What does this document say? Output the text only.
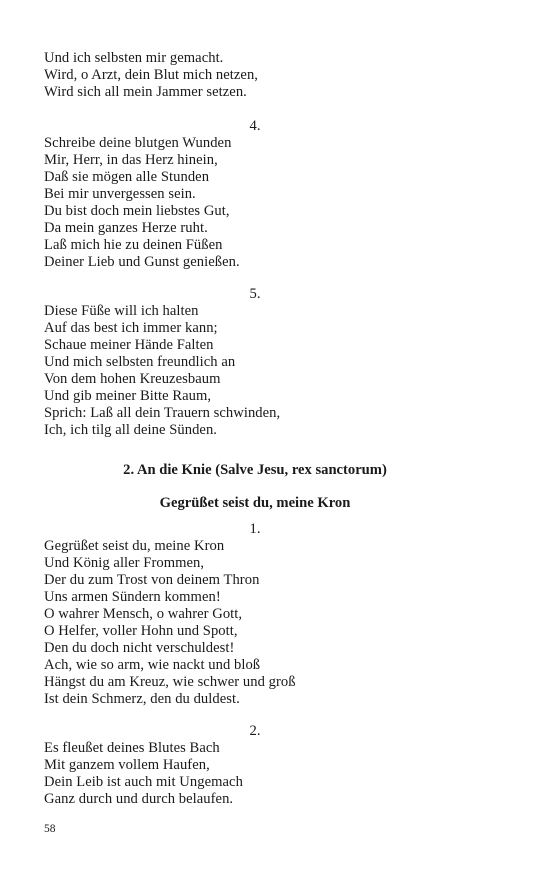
Und ich selbsten mir gemacht.
Wird, o Arzt, dein Blut mich netzen,
Wird sich all mein Jammer setzen.
4.
Schreibe deine blutgen Wunden
Mir, Herr, in das Herz hinein,
Daß sie mögen alle Stunden
Bei mir unvergessen sein.
Du bist doch mein liebstes Gut,
Da mein ganzes Herze ruht.
Laß mich hie zu deinen Füßen
Deiner Lieb und Gunst genießen.
5.
Diese Füße will ich halten
Auf das best ich immer kann;
Schaue meiner Hände Falten
Und mich selbsten freundlich an
Von dem hohen Kreuzesbaum
Und gib meiner Bitte Raum,
Sprich: Laß all dein Trauern schwinden,
Ich, ich tilg all deine Sünden.
2. An die Knie (Salve Jesu, rex sanctorum)
Gegrüßet seist du, meine Kron
1.
Gegrüßet seist du, meine Kron
Und König aller Frommen,
Der du zum Trost von deinem Thron
Uns armen Sündern kommen!
O wahrer Mensch, o wahrer Gott,
O Helfer, voller Hohn und Spott,
Den du doch nicht verschuldest!
Ach, wie so arm, wie nackt und bloß
Hängst du am Kreuz, wie schwer und groß
Ist dein Schmerz, den du duldest.
2.
Es fleußet deines Blutes Bach
Mit ganzem vollem Haufen,
Dein Leib ist auch mit Ungemach
Ganz durch und durch belaufen.
58
